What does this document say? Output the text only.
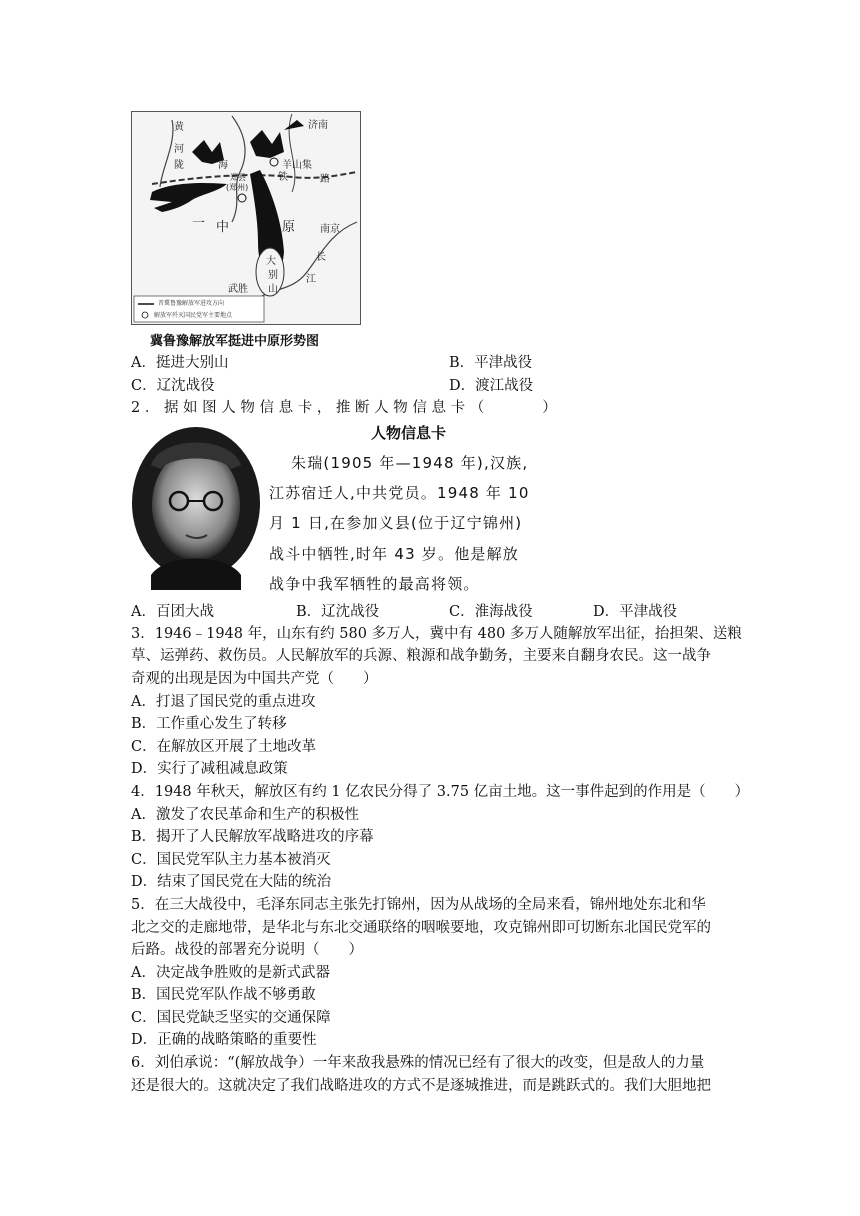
黄
河
陇	海
铁	路
济南
羊山集
郑县
(郑州)
一 中	原 南京
长
江
大
别
山
武胜
晋冀鲁豫解放军进攻方向
解放军歼灭国民党军主要地点
冀鲁豫解放军挺进中原形势图
A．挺进大别山	B．平津战役
C．辽沈战役	D．渡江战役
2 ． 据 如 图 人 物 信 息 卡 ， 推 断 人 物 信 息 卡 （　　　　）
人物信息卡
朱瑞(1905 年—1948 年),汉族,
江苏宿迁人,中共党员。1948 年 10
月 1 日,在参加义县(位于辽宁锦州)
战斗中牺牲,时年 43 岁。他是解放
战争中我军牺牲的最高将领。
A．百团大战	B．辽沈战役	C．淮海战役	D．平津战役
3．1946﹣1948 年，山东有约 580 多万人，冀中有 480 多万人随解放军出征，抬担架、送粮
草、运弹药、救伤员。人民解放军的兵源、粮源和战争勤务，主要来自翻身农民。这一战争
奇观的出现是因为中国共产党（　　）
A．打退了国民党的重点进攻
B．工作重心发生了转移
C．在解放区开展了土地改革
D．实行了减租减息政策
4．1948 年秋天，解放区有约 1 亿农民分得了 3.75 亿亩土地。这一事件起到的作用是（　　）
A．激发了农民革命和生产的积极性
B．揭开了人民解放军战略进攻的序幕
C．国民党军队主力基本被消灭
D．结束了国民党在大陆的统治
5．在三大战役中，毛泽东同志主张先打锦州，因为从战场的全局来看，锦州地处东北和华
北之交的走廊地带，是华北与东北交通联络的咽喉要地，攻克锦州即可切断东北国民党军的
后路。战役的部署充分说明（　　）
A．决定战争胜败的是新式武器
B．国民党军队作战不够勇敢
C．国民党缺乏坚实的交通保障
D．正确的战略策略的重要性
6．刘伯承说：“(解放战争）一年来敌我悬殊的情况已经有了很大的改变，但是敌人的力量
还是很大的。这就决定了我们战略进攻的方式不是逐城推进，而是跳跃式的。我们大胆地把
